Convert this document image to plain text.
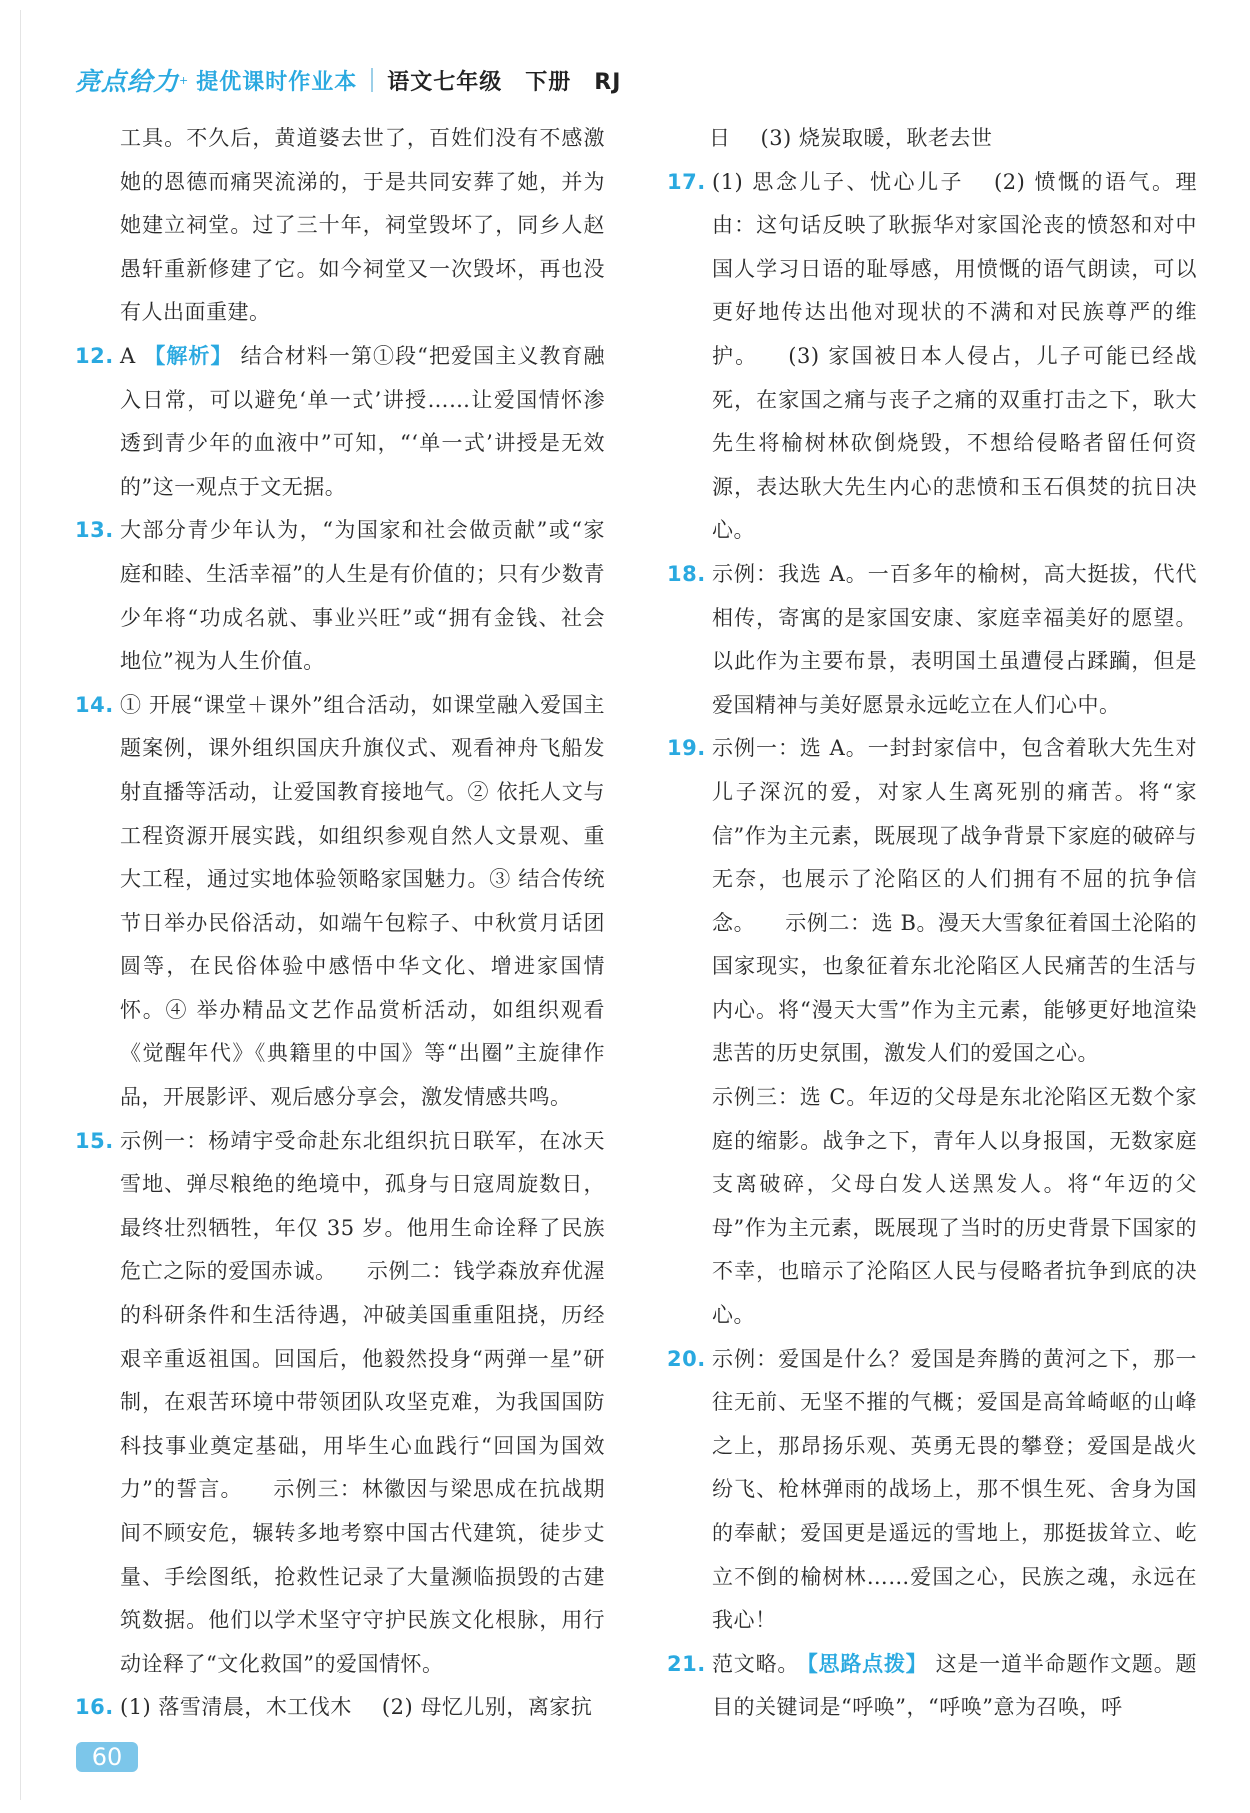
亮点给力 + 提优课时作业本 语文七年级　下册　RJ
工具。不久后，黄道婆去世了，百姓们没有不感激她的恩德而痛哭流涕的，于是共同安葬了她，并为她建立祠堂。过了三十年，祠堂毁坏了，同乡人赵愚轩重新修建了它。如今祠堂又一次毁坏，再也没有人出面重建。
12. A 【解析】 结合材料一第①段“把爱国主义教育融入日常，可以避免‘单一式’讲授……让爱国情怀渗透到青少年的血液中”可知，“‘单一式’讲授是无效的”这一观点于文无据。
13. 大部分青少年认为，“为国家和社会做贡献”或“家庭和睦、生活幸福”的人生是有价值的；只有少数青少年将“功成名就、事业兴旺”或“拥有金钱、社会地位”视为人生价值。
14. ① 开展“课堂＋课外”组合活动，如课堂融入爱国主题案例，课外组织国庆升旗仪式、观看神舟飞船发射直播等活动，让爱国教育接地气。② 依托人文与工程资源开展实践，如组织参观自然人文景观、重大工程，通过实地体验领略家国魅力。③ 结合传统节日举办民俗活动，如端午包粽子、中秋赏月话团圆等，在民俗体验中感悟中华文化、增进家国情怀。④ 举办精品文艺作品赏析活动，如组织观看《觉醒年代》《典籍里的中国》等“出圈”主旋律作品，开展影评、观后感分享会，激发情感共鸣。
15. 示例一：杨靖宇受命赴东北组织抗日联军，在冰天雪地、弹尽粮绝的绝境中，孤身与日寇周旋数日，最终壮烈牺牲，年仅 35 岁。他用生命诠释了民族危亡之际的爱国赤诚。 示例二：钱学森放弃优渥的科研条件和生活待遇，冲破美国重重阻挠，历经艰辛重返祖国。回国后，他毅然投身“两弹一星”研制，在艰苦环境中带领团队攻坚克难，为我国国防科技事业奠定基础，用毕生心血践行“回国为国效力”的誓言。 示例三：林徽因与梁思成在抗战期间不顾安危，辗转多地考察中国古代建筑，徒步丈量、手绘图纸，抢救性记录了大量濒临损毁的古建筑数据。他们以学术坚守守护民族文化根脉，用行动诠释了“文化救国”的爱国情怀。
16. (1) 落雪清晨，木工伐木 (2) 母忆儿别，离家抗
日 (3) 烧炭取暖，耿老去世
17. (1) 思念儿子、忧心儿子 (2) 愤慨的语气。理由：这句话反映了耿振华对家国沦丧的愤怒和对中国人学习日语的耻辱感，用愤慨的语气朗读，可以更好地传达出他对现状的不满和对民族尊严的维护。 (3) 家国被日本人侵占，儿子可能已经战死，在家国之痛与丧子之痛的双重打击之下，耿大先生将榆树林砍倒烧毁，不想给侵略者留任何资源，表达耿大先生内心的悲愤和玉石俱焚的抗日决心。
18. 示例：我选 A。一百多年的榆树，高大挺拔，代代相传，寄寓的是家国安康、家庭幸福美好的愿望。以此作为主要布景，表明国土虽遭侵占蹂躏，但是爱国精神与美好愿景永远屹立在人们心中。
19. 示例一：选 A。一封封家信中，包含着耿大先生对儿子深沉的爱，对家人生离死别的痛苦。将“家信”作为主元素，既展现了战争背景下家庭的破碎与无奈，也展示了沦陷区的人们拥有不屈的抗争信念。 示例二：选 B。漫天大雪象征着国土沦陷的国家现实，也象征着东北沦陷区人民痛苦的生活与内心。将“漫天大雪”作为主元素，能够更好地渲染悲苦的历史氛围，激发人们的爱国之心。
示例三：选 C。年迈的父母是东北沦陷区无数个家庭的缩影。战争之下，青年人以身报国，无数家庭支离破碎，父母白发人送黑发人。将“年迈的父母”作为主元素，既展现了当时的历史背景下国家的不幸，也暗示了沦陷区人民与侵略者抗争到底的决心。
20. 示例：爱国是什么？爱国是奔腾的黄河之下，那一往无前、无坚不摧的气概；爱国是高耸崎岖的山峰之上，那昂扬乐观、英勇无畏的攀登；爱国是战火纷飞、枪林弹雨的战场上，那不惧生死、舍身为国的奉献；爱国更是遥远的雪地上，那挺拔耸立、屹立不倒的榆树林……爱国之心，民族之魂，永远在我心！
21. 范文略。 【思路点拨】 这是一道半命题作文题。题目的关键词是“呼唤”，“呼唤”意为召唤，呼
60
